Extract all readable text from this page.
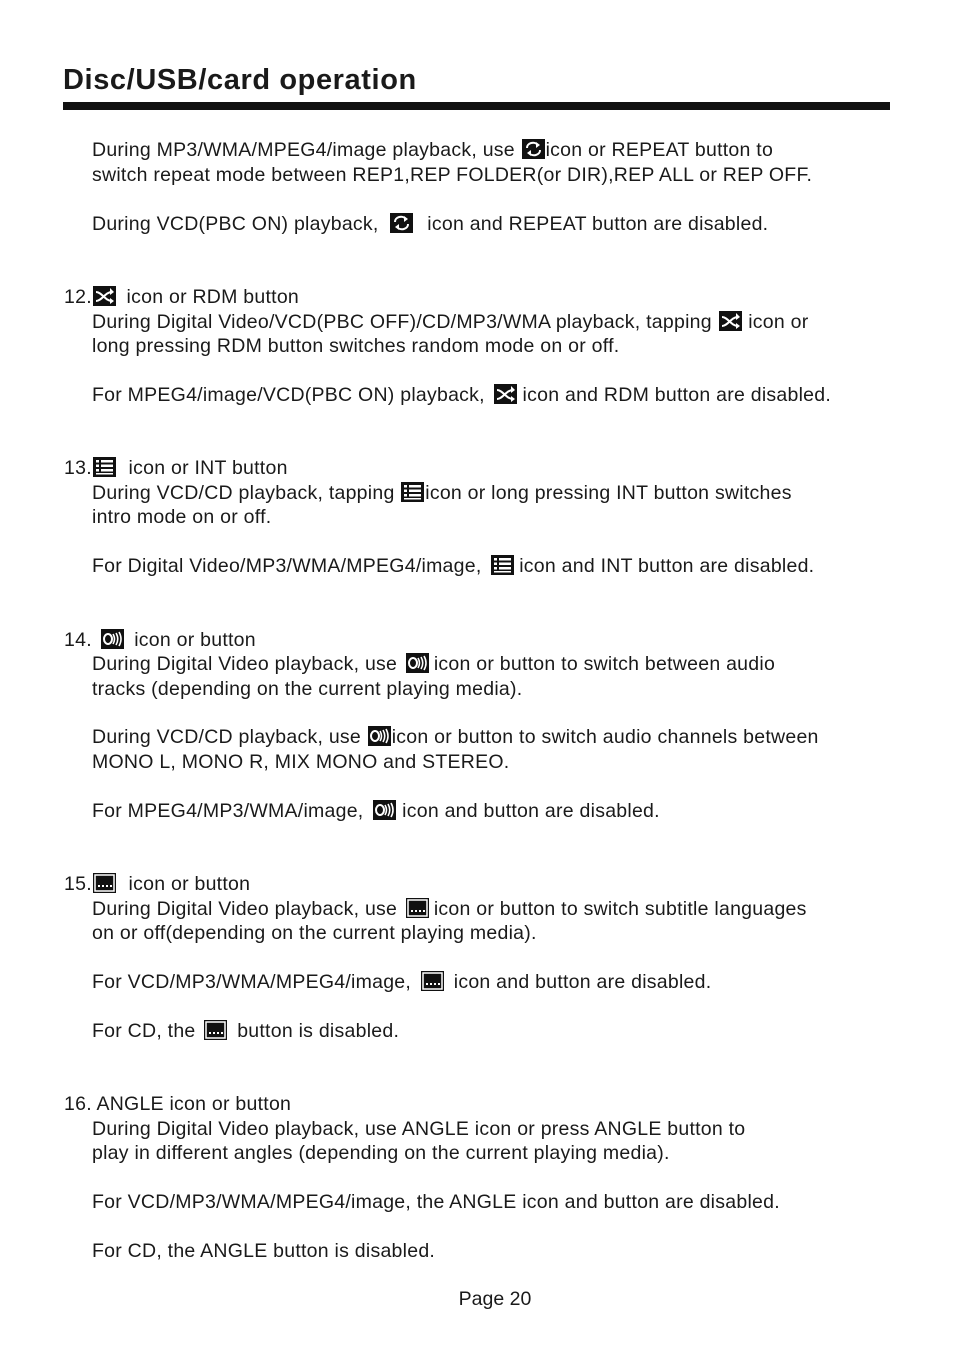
Disc/USB/card operation
During MP3/WMA/MPEG4/image playback, use icon or REPEAT button to
switch repeat mode between REP1,REP FOLDER(or DIR),REP ALL or REP OFF.
During VCD(PBC ON) playback, icon and REPEAT button are disabled.
12. icon or RDM button
During Digital Video/VCD(PBC OFF)/CD/MP3/WMA playback, tapping icon or
long pressing RDM button switches random mode on or off.
For MPEG4/image/VCD(PBC ON) playback, icon and RDM button are disabled.
13. icon or INT button
During VCD/CD playback, tapping icon or long pressing INT button switches
intro mode on or off.
For Digital Video/MP3/WMA/MPEG4/image, icon and INT button are disabled.
14. icon or button
During Digital Video playback, use icon or button to switch between audio
tracks (depending on the current playing media).
During VCD/CD playback, use icon or button to switch audio channels between
MONO L, MONO R, MIX MONO and STEREO.
For MPEG4/MP3/WMA/image, icon and button are disabled.
15. icon or button
During Digital Video playback, use icon or button to switch subtitle languages
on or off(depending on the current playing media).
For VCD/MP3/WMA/MPEG4/image, icon and button are disabled.
For CD, the button is disabled.
16. ANGLE icon or button
During Digital Video playback, use ANGLE icon or press ANGLE button to
play in different angles (depending on the current playing media).
For VCD/MP3/WMA/MPEG4/image, the ANGLE icon and button are disabled.
For CD, the ANGLE button is disabled.
Page 20
